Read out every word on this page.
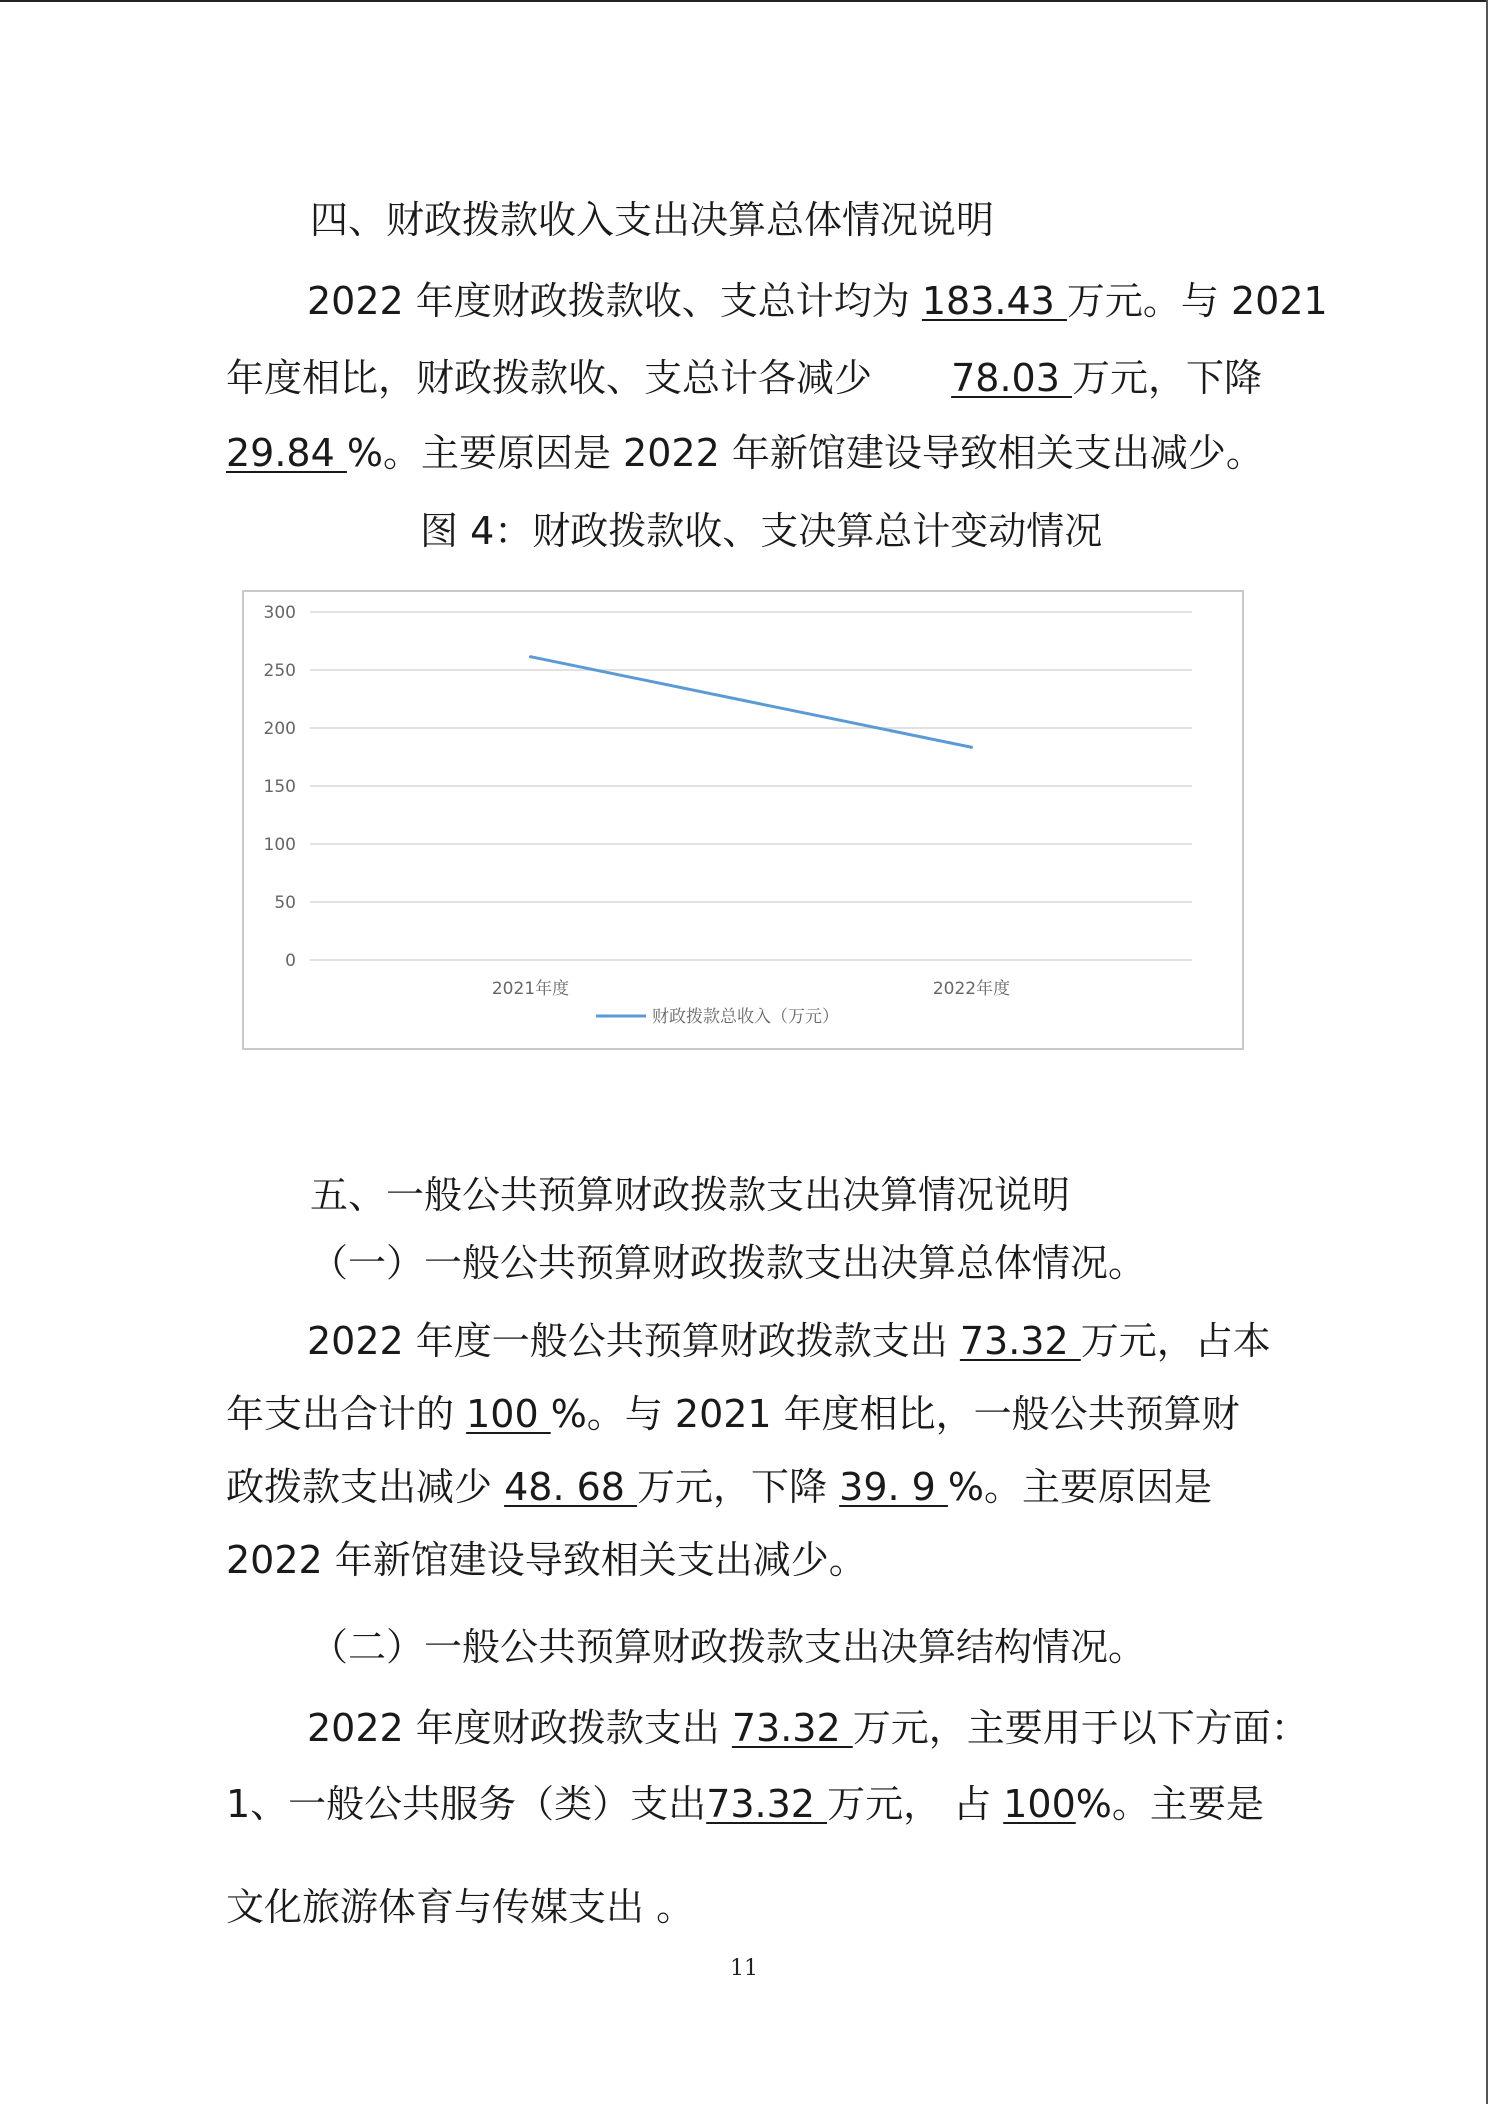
四、财政拨款收入支出决算总体情况说明
2022 年度财政拨款收、支总计均为 183.43 万元。与 2021
年度相比，财政拨款收、支总计各减少 78.03 万元，下降
29.84 %。主要原因是 2022 年新馆建设导致相关支出减少。
图 4：财政拨款收、支决算总计变动情况
0
50
100
150
200
250
300
2021年度	2022年度
财政拨款总收入（万元）
五、一般公共预算财政拨款支出决算情况说明
（一）一般公共预算财政拨款支出决算总体情况。
2022 年度一般公共预算财政拨款支出 73.32 万元，占本
年支出合计的 100 %。与 2021 年度相比，一般公共预算财
政拨款支出减少 48. 68 万元，下降 39. 9 %。主要原因是
2022 年新馆建设导致相关支出减少。
（二）一般公共预算财政拨款支出决算结构情况。
2022 年度财政拨款支出 73.32 万元，主要用于以下方面：
1、一般公共服务（类）支出73.32 万元， 占 100%。主要是
文化旅游体育与传媒支出 。
11
